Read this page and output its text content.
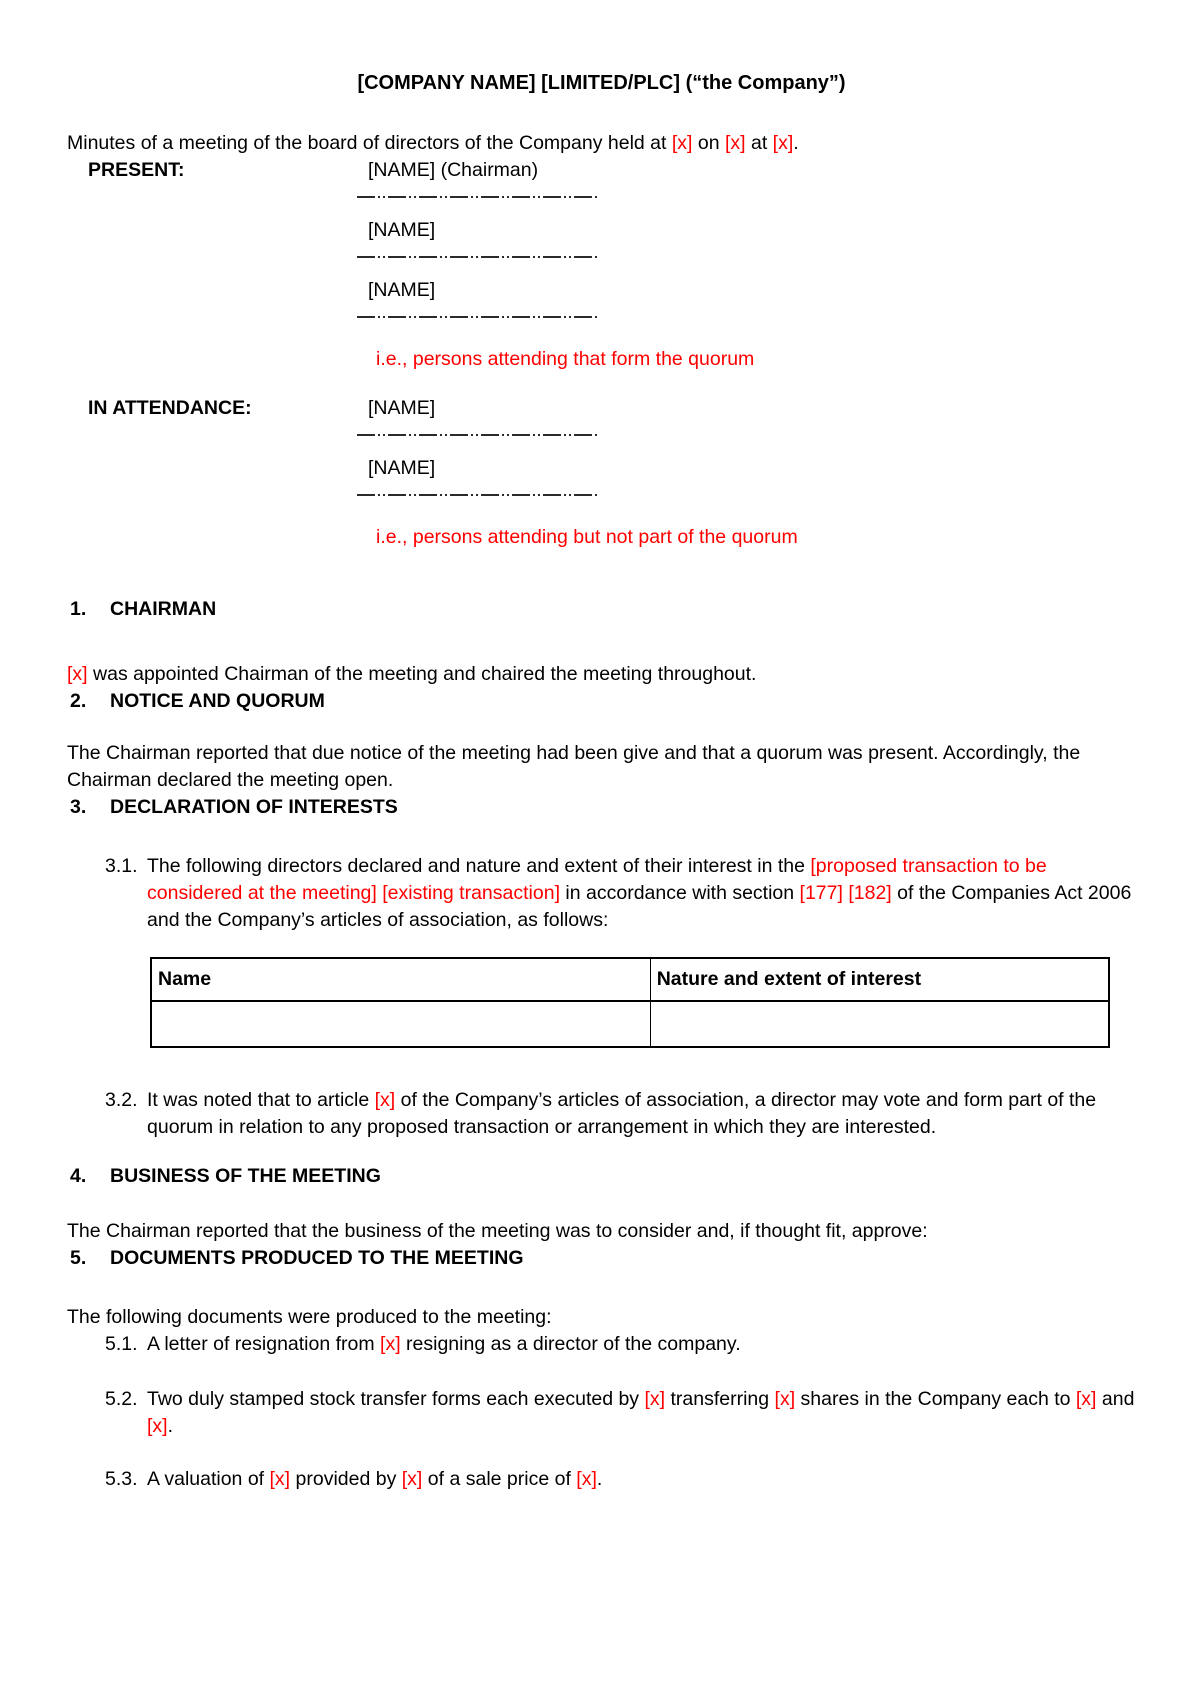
[COMPANY NAME] [LIMITED/PLC] (“the Company”)

Minutes of a meeting of the board of directors of the Company held at [x] on [x] at [x].

PRESENT:	[NAME] (Chairman)
[NAME]
[NAME]
i.e., persons attending that form the quorum
IN ATTENDANCE:	[NAME]
[NAME]
i.e., persons attending but not part of the quorum
1.	CHAIRMAN

[x] was appointed Chairman of the meeting and chaired the meeting throughout.

2.	NOTICE AND QUORUM

The Chairman reported that due notice of the meeting had been give and that a quorum was present. Accordingly, the Chairman declared the meeting open.

3.	DECLARATION OF INTERESTS
3.1. The following directors declared and nature and extent of their interest in the [proposed transaction to be considered at the meeting] [existing transaction] in accordance with section [177] [182] of the Companies Act 2006 and the Company’s articles of association, as follows:
Name	Nature and extent of interest

3.2. It was noted that to article [x] of the Company’s articles of association, a director may vote and form part of the quorum in relation to any proposed transaction or arrangement in which they are interested.
4.	BUSINESS OF THE MEETING

The Chairman reported that the business of the meeting was to consider and, if thought fit, approve:

5.	DOCUMENTS PRODUCED TO THE MEETING

The following documents were produced to the meeting:

5.1. A letter of resignation from [x] resigning as a director of the company.
5.2. Two duly stamped stock transfer forms each executed by [x] transferring [x] shares in the Company each to [x] and [x].
5.3. A valuation of [x] provided by [x] of a sale price of [x].
